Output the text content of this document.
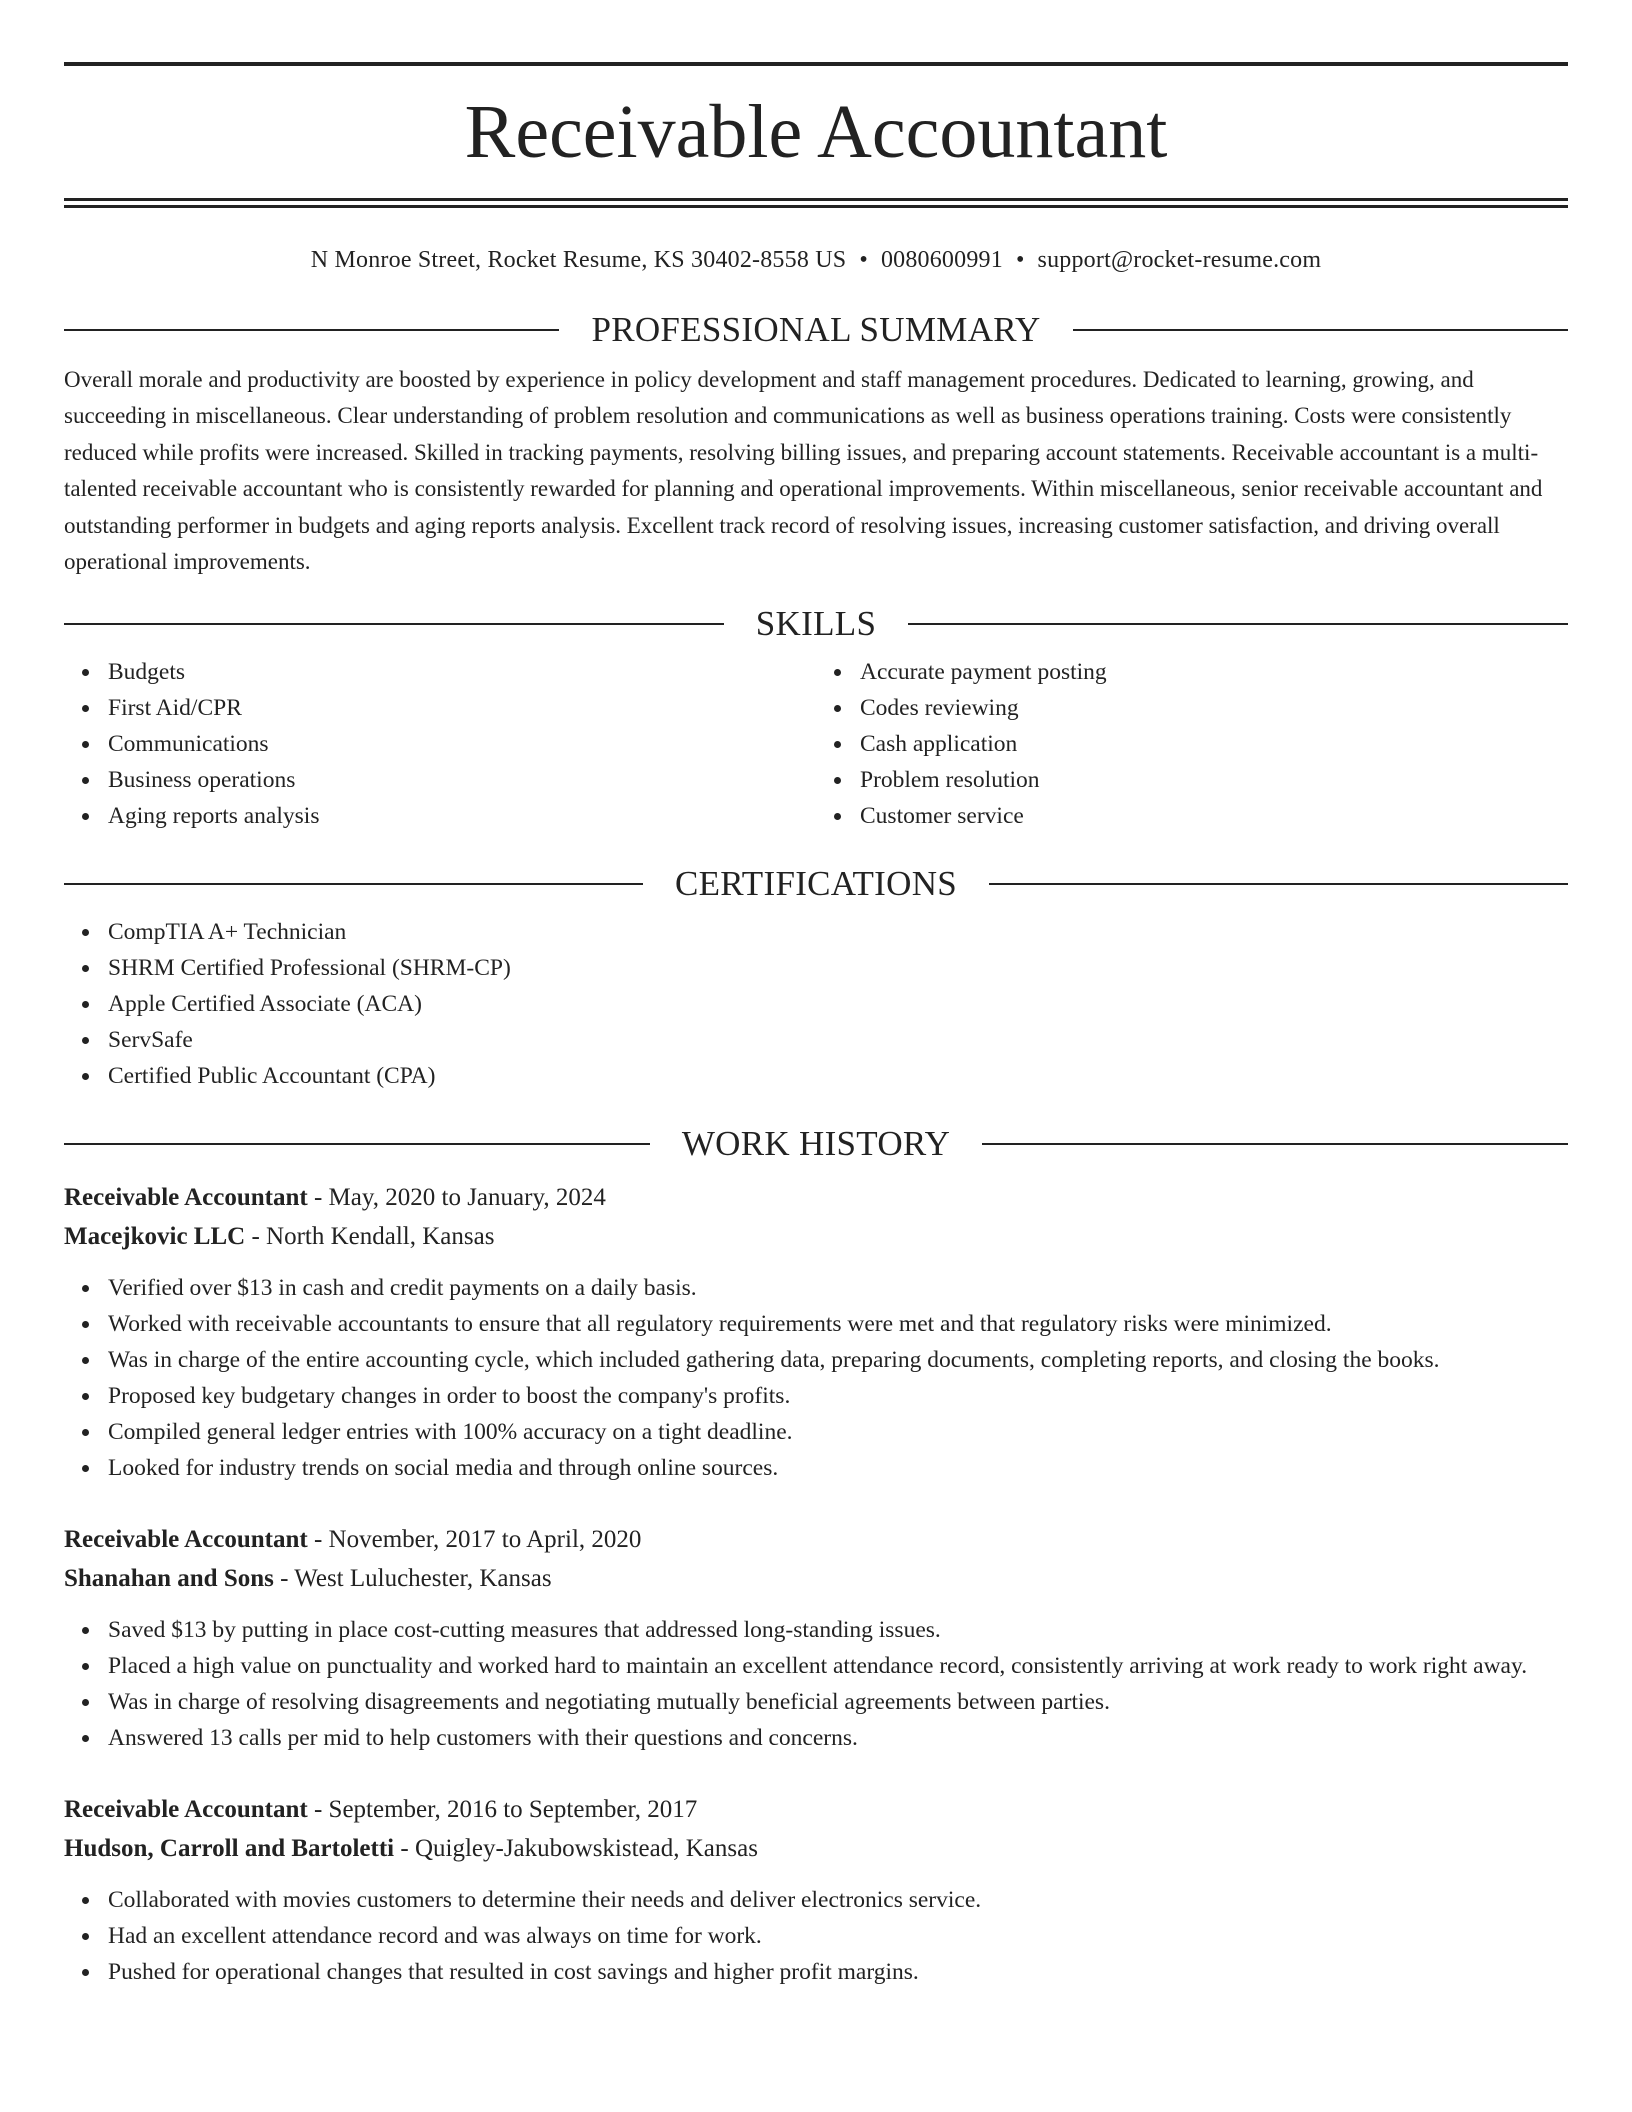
Receivable Accountant
N Monroe Street, Rocket Resume, KS 30402-8558 US • 0080600991 • support@rocket-resume.com
PROFESSIONAL SUMMARY

Overall morale and productivity are boosted by experience in policy development and staff management procedures. Dedicated to learning, growing, and succeeding in miscellaneous. Clear understanding of problem resolution and communications as well as business operations training. Costs were consistently reduced while profits were increased. Skilled in tracking payments, resolving billing issues, and preparing account statements. Receivable accountant is a multi-talented receivable accountant who is consistently rewarded for planning and operational improvements. Within miscellaneous, senior receivable accountant and outstanding performer in budgets and aging reports analysis. Excellent track record of resolving issues, increasing customer satisfaction, and driving overall operational improvements.

SKILLS
Budgets
First Aid/CPR
Communications
Business operations
Aging reports analysis
Accurate payment posting
Codes reviewing
Cash application
Problem resolution
Customer service
CERTIFICATIONS
CompTIA A+ Technician
SHRM Certified Professional (SHRM-CP)
Apple Certified Associate (ACA)
ServSafe
Certified Public Accountant (CPA)
WORK HISTORY
Receivable Accountant - May, 2020 to January, 2024
Macejkovic LLC - North Kendall, Kansas
Verified over $13 in cash and credit payments on a daily basis.
Worked with receivable accountants to ensure that all regulatory requirements were met and that regulatory risks were minimized.
Was in charge of the entire accounting cycle, which included gathering data, preparing documents, completing reports, and closing the books.
Proposed key budgetary changes in order to boost the company's profits.
Compiled general ledger entries with 100% accuracy on a tight deadline.
Looked for industry trends on social media and through online sources.
Receivable Accountant - November, 2017 to April, 2020
Shanahan and Sons - West Luluchester, Kansas
Saved $13 by putting in place cost-cutting measures that addressed long-standing issues.
Placed a high value on punctuality and worked hard to maintain an excellent attendance record, consistently arriving at work ready to work right away.
Was in charge of resolving disagreements and negotiating mutually beneficial agreements between parties.
Answered 13 calls per mid to help customers with their questions and concerns.
Receivable Accountant - September, 2016 to September, 2017
Hudson, Carroll and Bartoletti - Quigley-Jakubowskistead, Kansas
Collaborated with movies customers to determine their needs and deliver electronics service.
Had an excellent attendance record and was always on time for work.
Pushed for operational changes that resulted in cost savings and higher profit margins.
